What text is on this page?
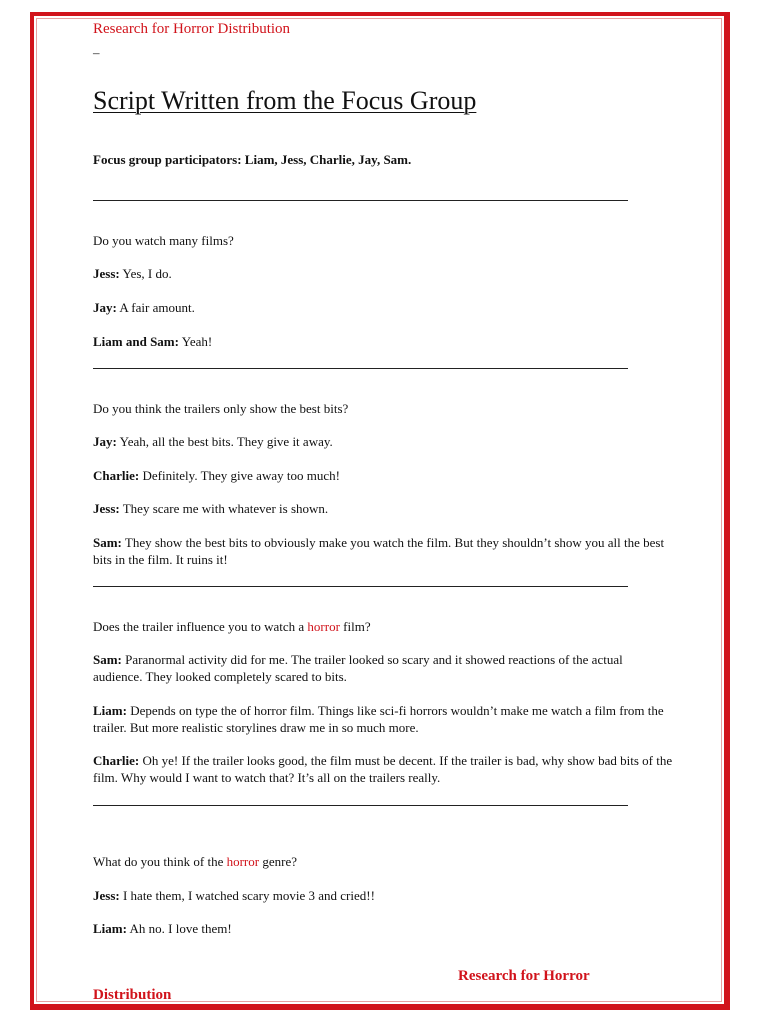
Research for Horror Distribution

–

Script Written from the Focus Group

Focus group participators: Liam, Jess, Charlie, Jay, Sam.

Do you watch many films?

Jess: Yes, I do.

Jay: A fair amount.

Liam and Sam: Yeah!

Do you think the trailers only show the best bits?

Jay: Yeah, all the best bits. They give it away.

Charlie: Definitely. They give away too much!

Jess: They scare me with whatever is shown.

Sam: They show the best bits to obviously make you watch the film. But they shouldn’t show you all the best bits in the film. It ruins it!

Does the trailer influence you to watch a horror film?

Sam: Paranormal activity did for me. The trailer looked so scary and it showed reactions of the actual audience. They looked completely scared to bits.

Liam: Depends on type the of horror film. Things like sci-fi horrors wouldn’t make me watch a film from the trailer. But more realistic storylines draw me in so much more.

Charlie: Oh ye! If the trailer looks good, the film must be decent. If the trailer is bad, why show bad bits of the film. Why would I want to watch that? It’s all on the trailers really.

What do you think of the horror genre?

Jess: I hate them, I watched scary movie 3 and cried!!

Liam: Ah no. I love them!

Research for Horror

Distribution
